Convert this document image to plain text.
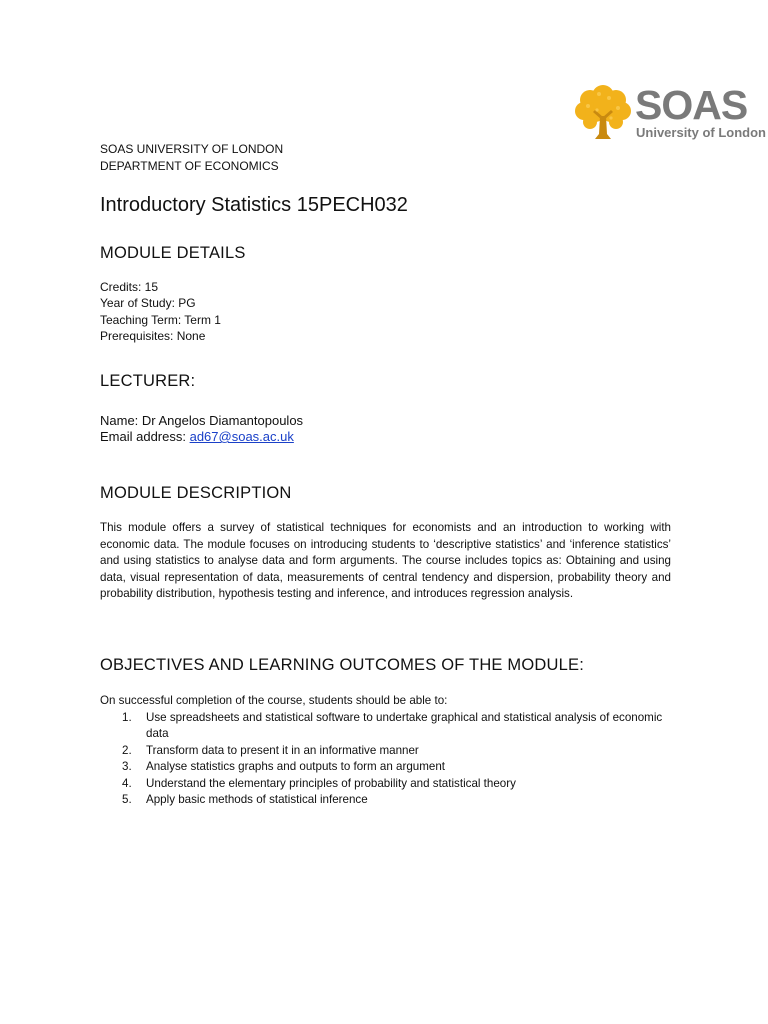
SOAS
University of London
SOAS UNIVERSITY OF LONDON
DEPARTMENT OF ECONOMICS
Introductory Statistics 15PECH032
MODULE DETAILS
Credits: 15
Year of Study: PG
Teaching Term: Term 1
Prerequisites: None
LECTURER:
Name: Dr Angelos Diamantopoulos
Email address: ad67@soas.ac.uk
MODULE DESCRIPTION
This module offers a survey of statistical techniques for economists and an introduction to working with economic data. The module focuses on introducing students to ‘descriptive statistics’ and ‘inference statistics’ and using statistics to analyse data and form arguments. The course includes topics as: Obtaining and using data, visual representation of data, measurements of central tendency and dispersion, probability theory and probability distribution, hypothesis testing and inference, and introduces regression analysis.
OBJECTIVES AND LEARNING OUTCOMES OF THE MODULE:
On successful completion of the course, students should be able to:
1. Use spreadsheets and statistical software to undertake graphical and statistical analysis of economic data
2. Transform data to present it in an informative manner
3. Analyse statistics graphs and outputs to form an argument
4. Understand the elementary principles of probability and statistical theory
5. Apply basic methods of statistical inference
